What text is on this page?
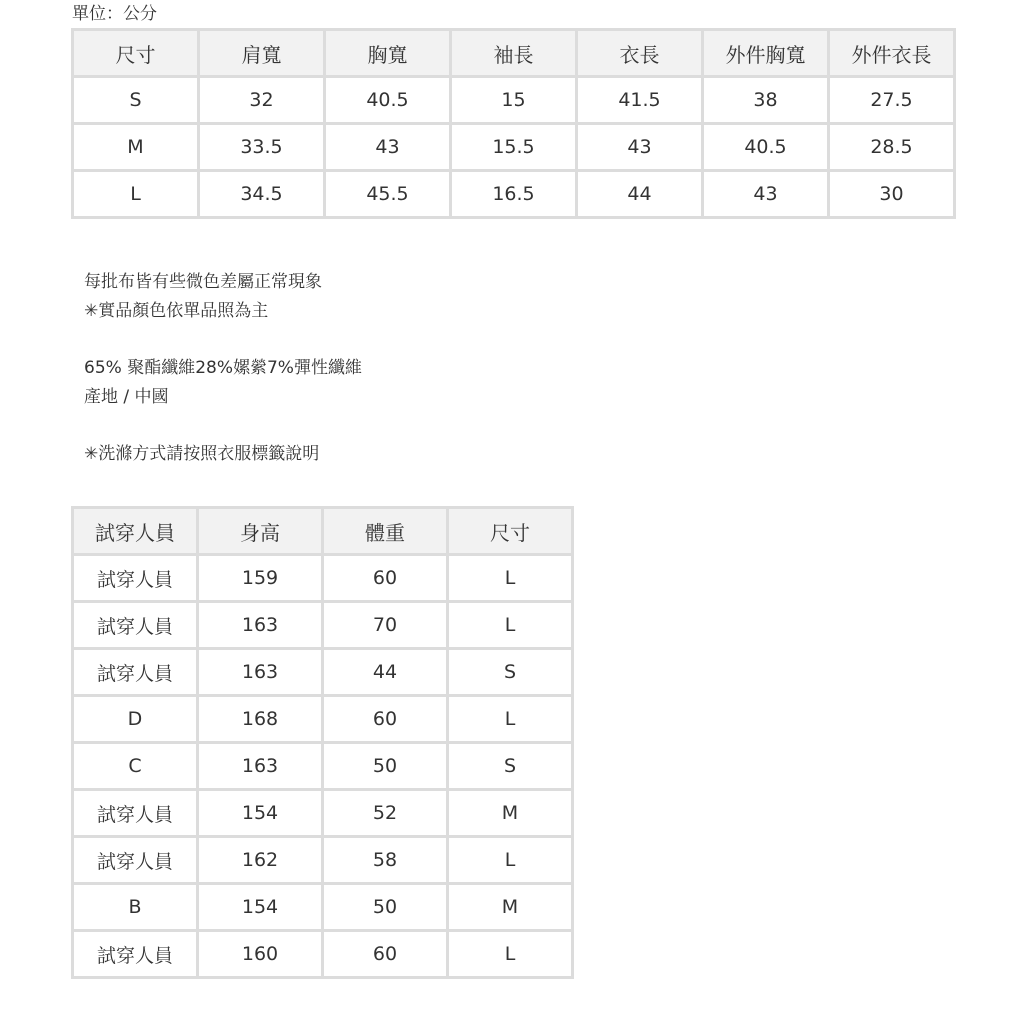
單位：公分
尺寸	肩寬	胸寬	袖長	衣長	外件胸寬	外件衣長
S	32	40.5	15	41.5	38	27.5
M	33.5	43	15.5	43	40.5	28.5
L	34.5	45.5	16.5	44	43	30

每批布皆有些微色差屬正常現象

✳︎實品顏色依單品照為主

65% 聚酯纖維28%嫘縈7%彈性纖維

產地 / 中國

✳︎洗滌方式請按照衣服標籤說明

試穿人員	身高	體重	尺寸
試穿人員	159	60	L
試穿人員	163	70	L
試穿人員	163	44	S
D	168	60	L
C	163	50	S
試穿人員	154	52	M
試穿人員	162	58	L
B	154	50	M
試穿人員	160	60	L
